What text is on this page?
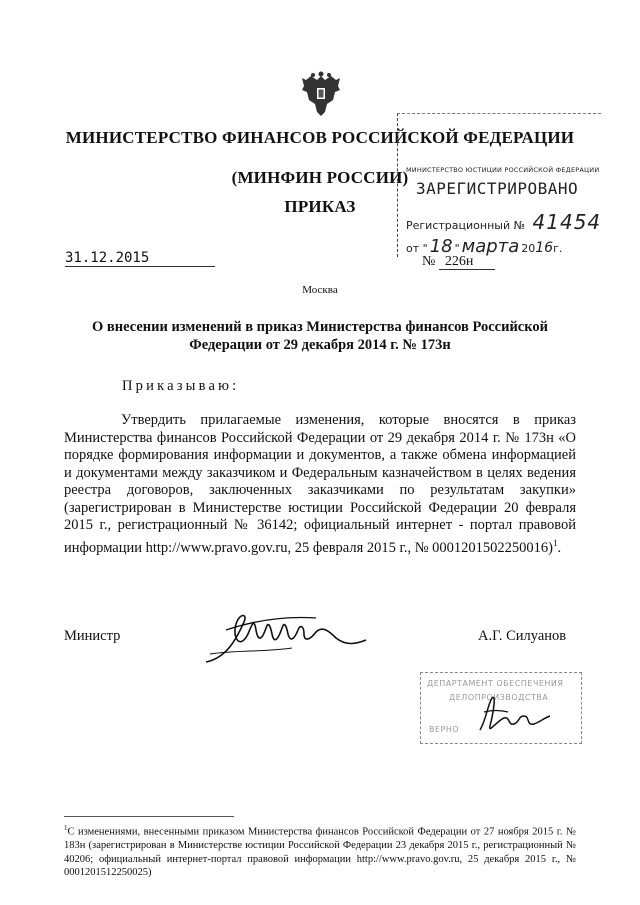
МИНИСТЕРСТВО ФИНАНСОВ РОССИЙСКОЙ ФЕДЕРАЦИИ
(МИНФИН РОССИИ)
ПРИКАЗ
МИНИСТЕРСТВО ЮСТИЦИИ РОССИЙСКОЙ ФЕДЕРАЦИИ
ЗАРЕГИСТРИРОВАНО
Регистрационный № 41454
от " 18 " марта 2016г.
31.12.2015	№ 226н
Москва
О внесении изменений в приказ Министерства финансов Российской Федерации от 29 декабря 2014 г. № 173н
Приказываю:
Утвердить прилагаемые изменения, которые вносятся в приказ Министерства финансов Российской Федерации от 29 декабря 2014 г. № 173н «О порядке формирования информации и документов, а также обмена информацией и документами между заказчиком и Федеральным казначейством в целях ведения реестра договоров, заключенных заказчиками по результатам закупки» (зарегистрирован в Министерстве юстиции Российской Федерации 20 февраля 2015 г., регистрационный № 36142; официальный интернет - портал правовой информации http://www.pravo.gov.ru, 25 февраля 2015 г., № 0001201502250016)$^1$.
Министр	А.Г. Силуанов
ДЕПАРТАМЕНТ ОБЕСПЕЧЕНИЯ
ДЕЛОПРОИЗВОДСТВА
ВЕРНО
$^1$С изменениями, внесенными приказом Министерства финансов Российской Федерации от 27 ноября 2015 г. № 183н (зарегистрирован в Министерстве юстиции Российской Федерации 23 декабря 2015 г., регистрационный № 40206; официальный интернет-портал правовой информации http://www.pravo.gov.ru, 25 декабря 2015 г., № 0001201512250025)
